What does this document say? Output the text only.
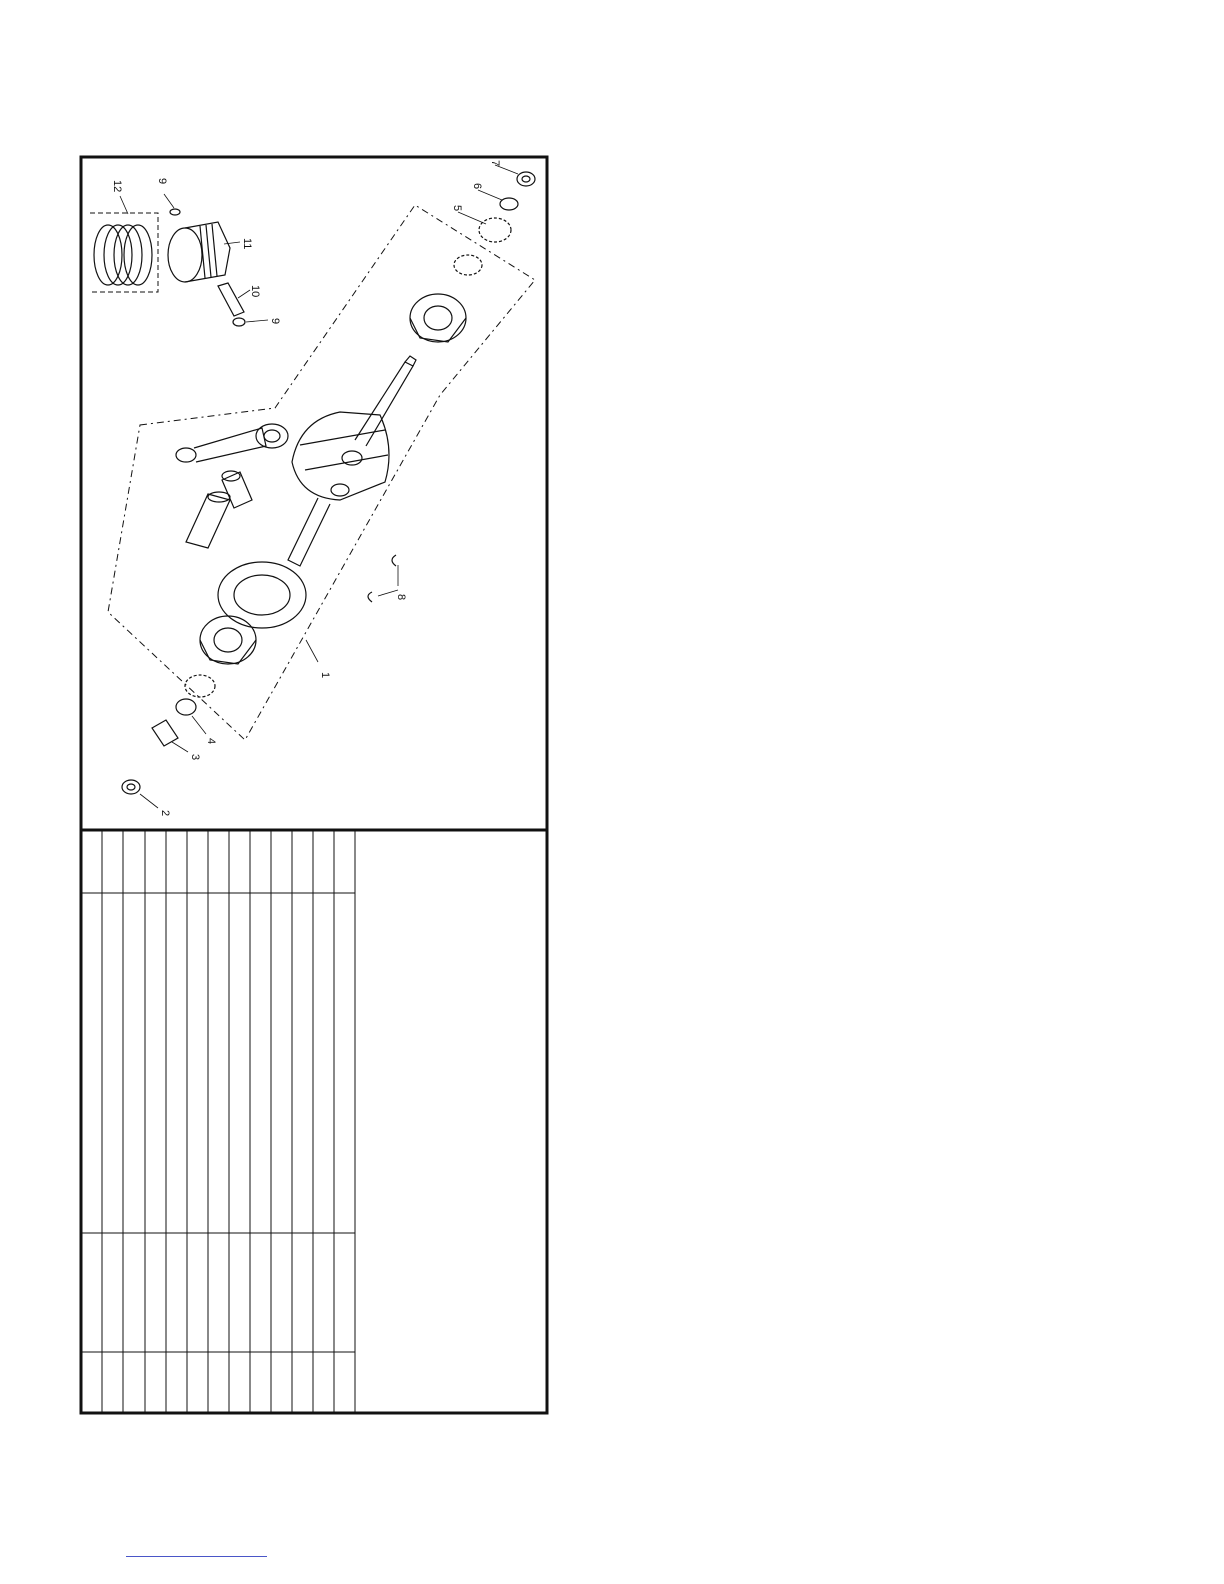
1
2
3
4
5
6
7
8
9
9
10
11
12
